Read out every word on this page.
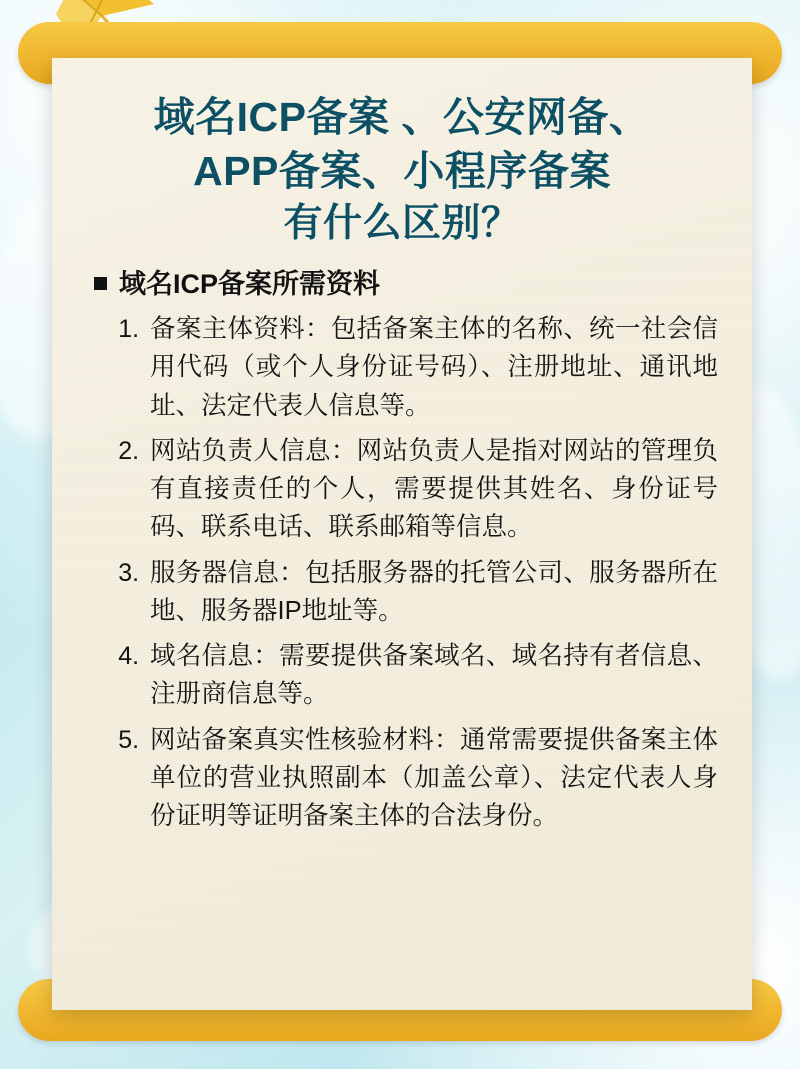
域名ICP备案 、公安网备、
APP备案、小程序备案
有什么区别？
域名ICP备案所需资料
1. 备案主体资料：包括备案主体的名称、统一社会信用代码（或个人身份证号码）、注册地址、通讯地址、法定代表人信息等。
2. 网站负责人信息：网站负责人是指对网站的管理负有直接责任的个人，需要提供其姓名、身份证号码、联系电话、联系邮箱等信息。
3. 服务器信息：包括服务器的托管公司、服务器所在地、服务器IP地址等。
4. 域名信息：需要提供备案域名、域名持有者信息、注册商信息等。
5. 网站备案真实性核验材料：通常需要提供备案主体单位的营业执照副本（加盖公章）、法定代表人身份证明等证明备案主体的合法身份。
